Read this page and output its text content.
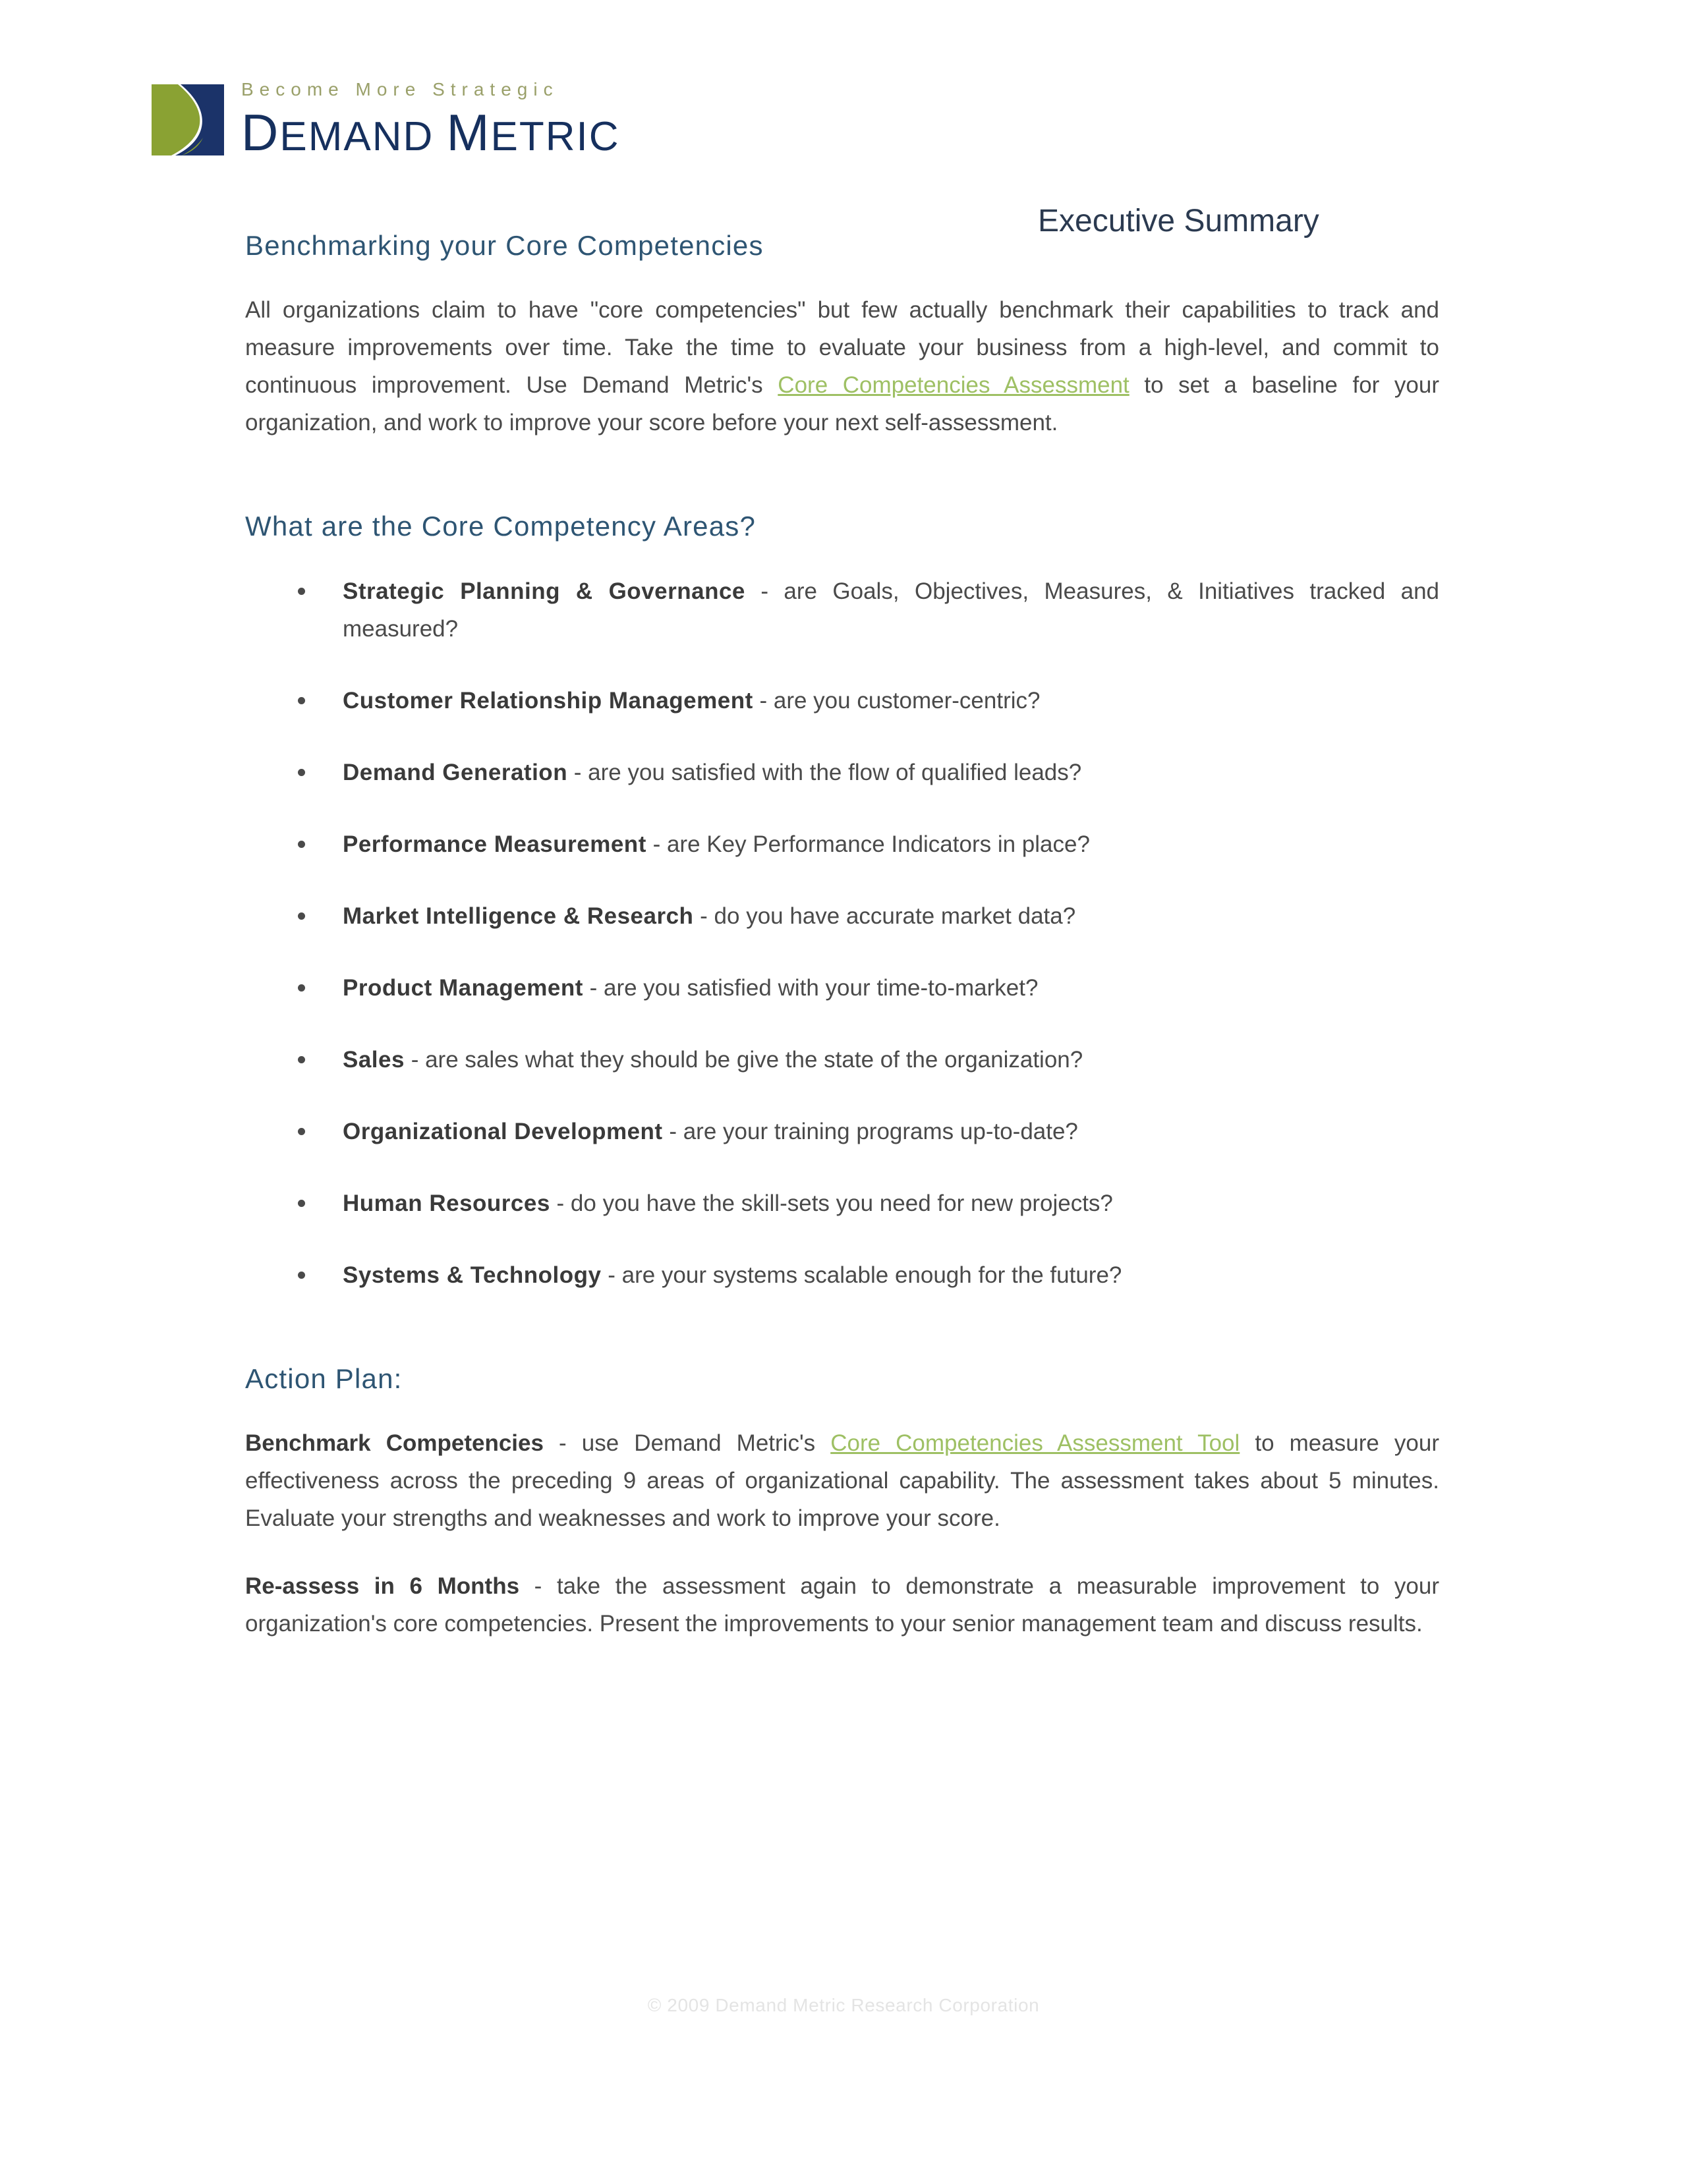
Become More Strategic
DEMAND METRIC
Executive Summary
Benchmarking your Core Competencies

All organizations claim to have "core competencies" but few actually benchmark their capabilities to track and measure improvements over time. Take the time to evaluate your business from a high-level, and commit to continuous improvement. Use Demand Metric's Core Competencies Assessment to set a baseline for your organization, and work to improve your score before your next self-assessment.

What are the Core Competency Areas?
Strategic Planning & Governance - are Goals, Objectives, Measures, & Initiatives tracked and measured?
Customer Relationship Management - are you customer-centric?
Demand Generation - are you satisfied with the flow of qualified leads?
Performance Measurement - are Key Performance Indicators in place?
Market Intelligence & Research - do you have accurate market data?
Product Management - are you satisfied with your time-to-market?
Sales - are sales what they should be give the state of the organization?
Organizational Development - are your training programs up-to-date?
Human Resources - do you have the skill-sets you need for new projects?
Systems & Technology - are your systems scalable enough for the future?
Action Plan:

Benchmark Competencies - use Demand Metric's Core Competencies Assessment Tool to measure your effectiveness across the preceding 9 areas of organizational capability. The assessment takes about 5 minutes. Evaluate your strengths and weaknesses and work to improve your score.

Re-assess in 6 Months - take the assessment again to demonstrate a measurable improvement to your organization's core competencies. Present the improvements to your senior management team and discuss results.

© 2009 Demand Metric Research Corporation
